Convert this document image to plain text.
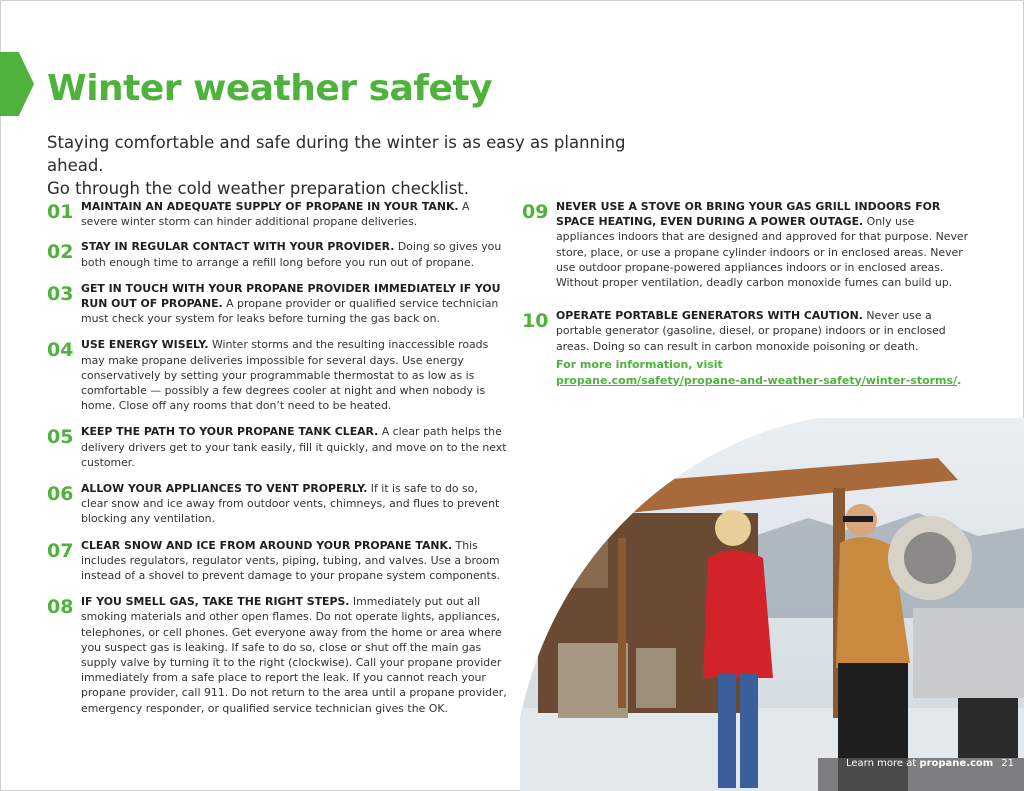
Winter weather safety
Staying comfortable and safe during the winter is as easy as planning ahead.
Go through the cold weather preparation checklist.
01 MAINTAIN AN ADEQUATE SUPPLY OF PROPANE IN YOUR TANK. A severe winter storm can hinder additional propane deliveries.
02 STAY IN REGULAR CONTACT WITH YOUR PROVIDER. Doing so gives you both enough time to arrange a refill long before you run out of propane.
03 GET IN TOUCH WITH YOUR PROPANE PROVIDER IMMEDIATELY IF YOU RUN OUT OF PROPANE. A propane provider or qualified service technician must check your system for leaks before turning the gas back on.
04 USE ENERGY WISELY. Winter storms and the resulting inaccessible roads may make propane deliveries impossible for several days. Use energy conservatively by setting your programmable thermostat to as low as is comfortable — possibly a few degrees cooler at night and when nobody is home. Close off any rooms that don’t need to be heated.
05 KEEP THE PATH TO YOUR PROPANE TANK CLEAR. A clear path helps the delivery drivers get to your tank easily, fill it quickly, and move on to the next customer.
06 ALLOW YOUR APPLIANCES TO VENT PROPERLY. If it is safe to do so, clear snow and ice away from outdoor vents, chimneys, and flues to prevent blocking any ventilation.
07 CLEAR SNOW AND ICE FROM AROUND YOUR PROPANE TANK. This includes regulators, regulator vents, piping, tubing, and valves. Use a broom instead of a shovel to prevent damage to your propane system components.
08 IF YOU SMELL GAS, TAKE THE RIGHT STEPS. Immediately put out all smoking materials and other open flames. Do not operate lights, appliances, telephones, or cell phones. Get everyone away from the home or area where you suspect gas is leaking. If safe to do so, close or shut off the main gas supply valve by turning it to the right (clockwise). Call your propane provider immediately from a safe place to report the leak. If you cannot reach your propane provider, call 911. Do not return to the area until a propane provider, emergency responder, or qualified service technician gives the OK.
09 NEVER USE A STOVE OR BRING YOUR GAS GRILL INDOORS FOR SPACE HEATING, EVEN DURING A POWER OUTAGE. Only use appliances indoors that are designed and approved for that purpose. Never store, place, or use a propane cylinder indoors or in enclosed areas. Never use outdoor propane-powered appliances indoors or in enclosed areas. Without proper ventilation, deadly carbon monoxide fumes can build up.
10 OPERATE PORTABLE GENERATORS WITH CAUTION. Never use a portable generator (gasoline, diesel, or propane) indoors or in enclosed areas. Doing so can result in carbon monoxide poisoning or death.
For more information, visit
propane.com/safety/propane-and-weather-safety/winter-storms/.
Learn more at propane.com 21
